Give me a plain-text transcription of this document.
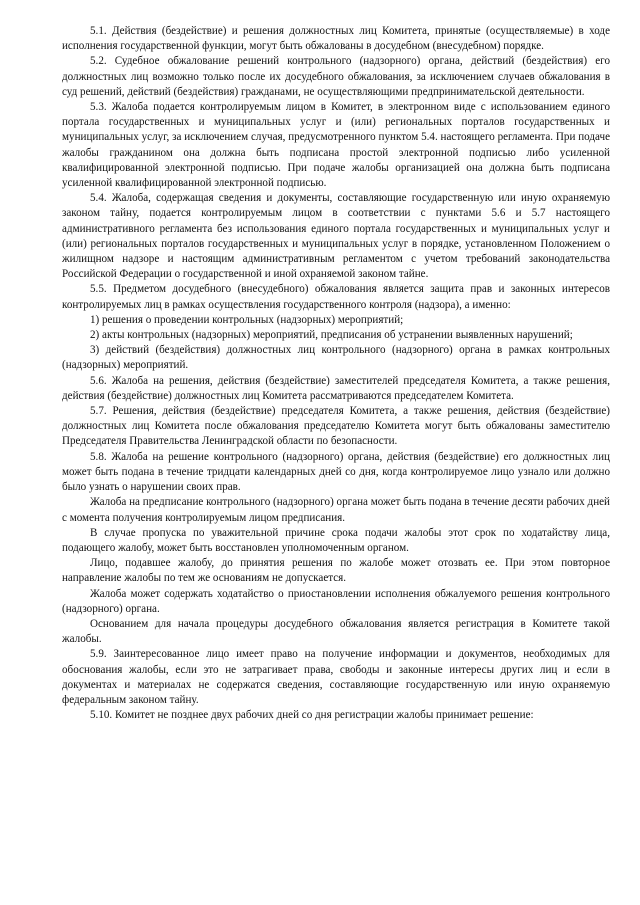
5.1. Действия (бездействие) и решения должностных лиц Комитета, принятые (осуществляемые) в ходе исполнения государственной функции, могут быть обжалованы в досудебном (внесудебном) порядке.

5.2. Судебное обжалование решений контрольного (надзорного) органа, действий (бездействия) его должностных лиц возможно только после их досудебного обжалования, за исключением случаев обжалования в суд решений, действий (бездействия) гражданами, не осуществляющими предпринимательской деятельности.

5.3. Жалоба подается контролируемым лицом в Комитет, в электронном виде с использованием единого портала государственных и муниципальных услуг и (или) региональных порталов государственных и муниципальных услуг, за исключением случая, предусмотренного пунктом 5.4. настоящего регламента. При подаче жалобы гражданином она должна быть подписана простой электронной подписью либо усиленной квалифицированной электронной подписью. При подаче жалобы организацией она должна быть подписана усиленной квалифицированной электронной подписью.

5.4. Жалоба, содержащая сведения и документы, составляющие государственную или иную охраняемую законом тайну, подается контролируемым лицом в соответствии с пунктами 5.6 и 5.7 настоящего административного регламента без использования единого портала государственных и муниципальных услуг и (или) региональных порталов государственных и муниципальных услуг в порядке, установленном Положением о жилищном надзоре и настоящим административным регламентом с учетом требований законодательства Российской Федерации о государственной и иной охраняемой законом тайне.

5.5. Предметом досудебного (внесудебного) обжалования является защита прав и законных интересов контролируемых лиц в рамках осуществления государственного контроля (надзора), а именно:

1) решения о проведении контрольных (надзорных) мероприятий;

2) акты контрольных (надзорных) мероприятий, предписания об устранении выявленных нарушений;

3) действий (бездействия) должностных лиц контрольного (надзорного) органа в рамках контрольных (надзорных) мероприятий.

5.6. Жалоба на решения, действия (бездействие) заместителей председателя Комитета, а также решения, действия (бездействие) должностных лиц Комитета рассматриваются председателем Комитета.

5.7. Решения, действия (бездействие) председателя Комитета, а также решения, действия (бездействие) должностных лиц Комитета после обжалования председателю Комитета могут быть обжалованы заместителю Председателя Правительства Ленинградской области по безопасности.

5.8. Жалоба на решение контрольного (надзорного) органа, действия (бездействие) его должностных лиц может быть подана в течение тридцати календарных дней со дня, когда контролируемое лицо узнало или должно было узнать о нарушении своих прав.

Жалоба на предписание контрольного (надзорного) органа может быть подана в течение десяти рабочих дней с момента получения контролируемым лицом предписания.

В случае пропуска по уважительной причине срока подачи жалобы этот срок по ходатайству лица, подающего жалобу, может быть восстановлен уполномоченным органом.

Лицо, подавшее жалобу, до принятия решения по жалобе может отозвать ее. При этом повторное направление жалобы по тем же основаниям не допускается.

Жалоба может содержать ходатайство о приостановлении исполнения обжалуемого решения контрольного (надзорного) органа.

Основанием для начала процедуры досудебного обжалования является регистрация в Комитете такой жалобы.

5.9. Заинтересованное лицо имеет право на получение информации и документов, необходимых для обоснования жалобы, если это не затрагивает права, свободы и законные интересы других лиц и если в документах и материалах не содержатся сведения, составляющие государственную или иную охраняемую федеральным законом тайну.

5.10. Комитет не позднее двух рабочих дней со дня регистрации жалобы принимает решение:
